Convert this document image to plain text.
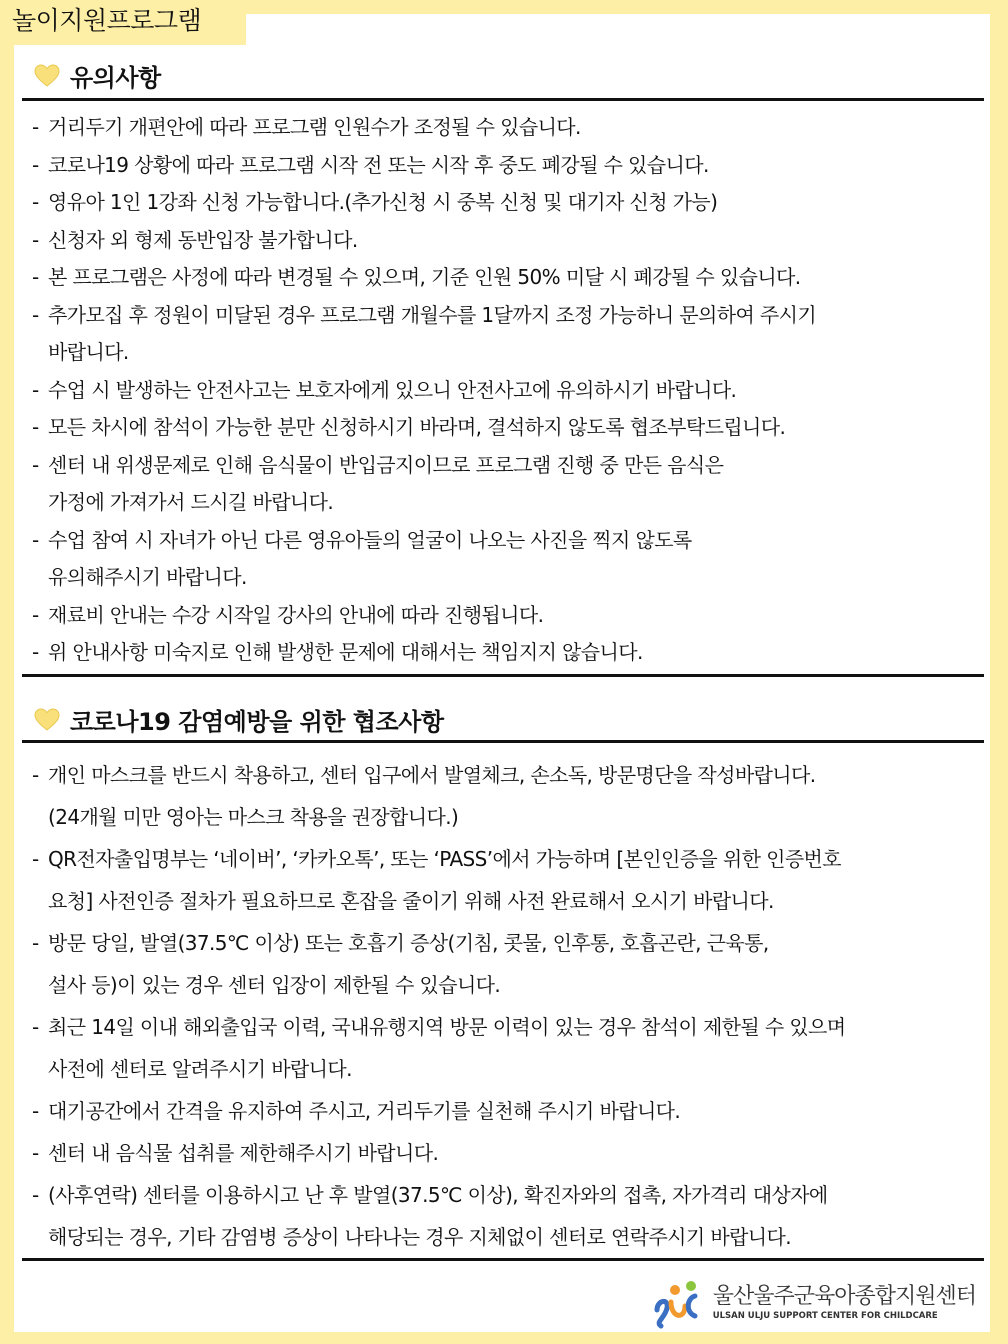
놀이지원프로그램
유의사항
- 거리두기 개편안에 따라 프로그램 인원수가 조정될 수 있습니다.
- 코로나19 상황에 따라 프로그램 시작 전 또는 시작 후 중도 폐강될 수 있습니다.
- 영유아 1인 1강좌 신청 가능합니다.(추가신청 시 중복 신청 및 대기자 신청 가능)
- 신청자 외 형제 동반입장 불가합니다.
- 본 프로그램은 사정에 따라 변경될 수 있으며, 기준 인원 50% 미달 시 폐강될 수 있습니다.
- 추가모집 후 정원이 미달된 경우 프로그램 개월수를 1달까지 조정 가능하니 문의하여 주시기
바랍니다.
- 수업 시 발생하는 안전사고는 보호자에게 있으니 안전사고에 유의하시기 바랍니다.
- 모든 차시에 참석이 가능한 분만 신청하시기 바라며, 결석하지 않도록 협조부탁드립니다.
- 센터 내 위생문제로 인해 음식물이 반입금지이므로 프로그램 진행 중 만든 음식은
가정에 가져가서 드시길 바랍니다.
- 수업 참여 시 자녀가 아닌 다른 영유아들의 얼굴이 나오는 사진을 찍지 않도록
유의해주시기 바랍니다.
- 재료비 안내는 수강 시작일 강사의 안내에 따라 진행됩니다.
- 위 안내사항 미숙지로 인해 발생한 문제에 대해서는 책임지지 않습니다.
코로나19 감염예방을 위한 협조사항
- 개인 마스크를 반드시 착용하고, 센터 입구에서 발열체크, 손소독, 방문명단을 작성바랍니다.
(24개월 미만 영아는 마스크 착용을 권장합니다.)
- QR전자출입명부는 ‘네이버’, ‘카카오톡’, 또는 ‘PASS’에서 가능하며 [본인인증을 위한 인증번호
요청] 사전인증 절차가 필요하므로 혼잡을 줄이기 위해 사전 완료해서 오시기 바랍니다.
- 방문 당일, 발열(37.5℃ 이상) 또는 호흡기 증상(기침, 콧물, 인후통, 호흡곤란, 근육통,
설사 등)이 있는 경우 센터 입장이 제한될 수 있습니다.
- 최근 14일 이내 해외출입국 이력, 국내유행지역 방문 이력이 있는 경우 참석이 제한될 수 있으며
사전에 센터로 알려주시기 바랍니다.
- 대기공간에서 간격을 유지하여 주시고, 거리두기를 실천해 주시기 바랍니다.
- 센터 내 음식물 섭취를 제한해주시기 바랍니다.
- (사후연락) 센터를 이용하시고 난 후 발열(37.5℃ 이상), 확진자와의 접촉, 자가격리 대상자에
해당되는 경우, 기타 감염병 증상이 나타나는 경우 지체없이 센터로 연락주시기 바랍니다.
울산울주군육아종합지원센터
ULSAN ULJU SUPPORT CENTER FOR CHILDCARE
